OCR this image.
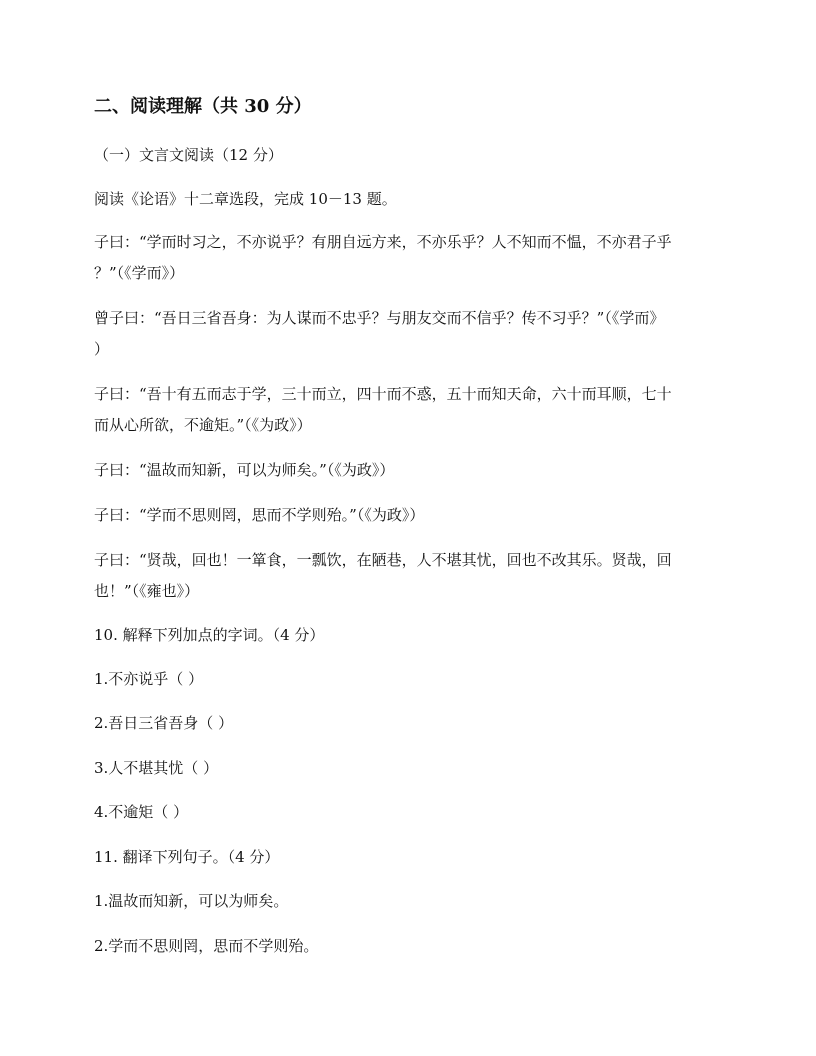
二、阅读理解（共 30 分）
（一）文言文阅读（12 分）
阅读《论语》十二章选段，完成 10－13 题。
子曰：“学而时习之，不亦说乎？有朋自远方来，不亦乐乎？人不知而不愠，不亦君子乎
？”（《学而》）
曾子曰：“吾日三省吾身：为人谋而不忠乎？与朋友交而不信乎？传不习乎？”（《学而》
）
子曰：“吾十有五而志于学，三十而立，四十而不惑，五十而知天命，六十而耳顺，七十
而从心所欲，不逾矩。”（《为政》）
子曰：“温故而知新，可以为师矣。”（《为政》）
子曰：“学而不思则罔，思而不学则殆。”（《为政》）
子曰：“贤哉，回也！一箪食，一瓢饮，在陋巷，人不堪其忧，回也不改其乐。贤哉，回
也！”（《雍也》）
10. 解释下列加点的字词。（4 分）
1.不亦说乎（ ）
2.吾日三省吾身（ ）
3.人不堪其忧（ ）
4.不逾矩（ ）
11. 翻译下列句子。（4 分）
1.温故而知新，可以为师矣。
2.学而不思则罔，思而不学则殆。
